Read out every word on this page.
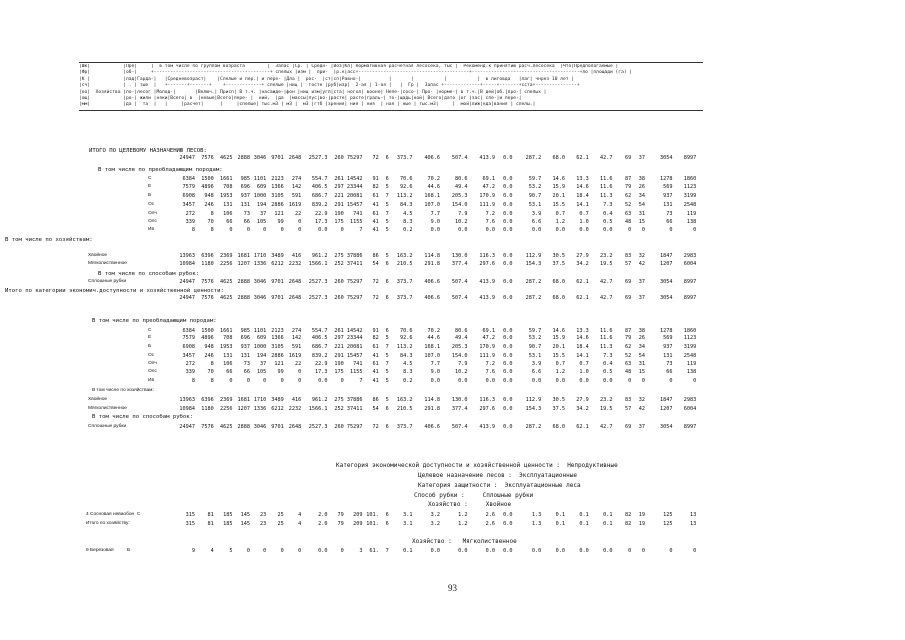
|Шк|            |Пре|     |  в том числе по группам возраста        |  Запас |Ср. | Средн- |Вoз|Кл| Нормативная расчетная лесосека, тыс |  Рекоменд.к принятию расч.лесосека  |Что|Предполагаемые |
|Фр|            |об-|     +------------------------------------------+ спелых |изм |  при-  |р.к|асс+----------------------------------------+---------------------------------------+ло |площади (га) |
|К |            |лад|Гарда-|   |Средневозраст|    |Спелые и пер.| и пере- |Дла |  рос-  |ст|сп|Равно-|          |       |           |           |  в лиговда   |лаг| чнрез 10 лет |
|сч|            | . | тые  |   +-------+-------+    +-------------+ спелые |ниц |  госте |руб|изр|  2-ая | 1-ая |   |  Гр |  Запас +-------------+-----+-------+сста+---------------+
|оо|  Хозяйства |по-|лесог |Молод-|       |Включ.| Присп| В т.ч. |насажде-|фон |ниц изм|угл|ста| ногол| вооне| Непе-|сосо-| Про- |норме-| в т.ч.|В дей|об.|про-| спелых |
|ощ|            |ро-| жили |няки|Всего| в  |невые|Всего|пере- |  ний,  |да  |массы|пус|во-|расте| расте|граль-| то-|щадь|ной| Всего|дато |от |зас| спе-|и пере-|
|мм|            |да |  та  |   |     |расчет|      |     |спелые| тыс.м3 | м3 |  м3 |гтб |зрения| ния | ния  | ная | ные | тыс.м3|     |  мой|лиж|нда|вания | спелы.|
ИТОГО ПО ЦЕЛЕВОМУ НАЗНАЧЕНИЮ ЛЕСОВ:
24947	7576	4625 2888 3046 9701 2648	2527.3	260 75297	72	6	373.7	406.6	507.4	413.9	0.0	287.2	68.0	62.1	42.7	69	37	3054	8997
В том числе по преобладающим породам:
С	6384	1500	1661	985 1101 2123	274	554.7	261 14542	91	6	70.6	70.2	80.6	69.1	0.0	59.7	14.6	13.3	11.6	87	38	1278	1860
Е	7579	4896	708	696	609 1366	142	406.5	297 23344	82	5	92.6	44.6	49.4	47.2	0.0	53.2	15.9	14.6	11.6	79	26	569	1123
Б	6908	948	1953	937 1000 3105	591	686.7	221 20081	61	7	113.2	168.1	205.3	170.9	0.0	90.7	20.1	18.4	11.3	62	34	937	3199
Ос	3457	246	131	131	194 2886 1619	839.2	291 15457	41	5	84.3	107.0	154.0	111.9	0.0	53.1	15.5	14.1	7.3	52	54	131	2548
Олч	272	8	106	73	37	121	22	22.9	190	741	61	7	4.5	7.7	7.9	7.2	0.0	3.9	0.7	0.7	0.4	63	31	73	119
Олс	339	70	66	66	105	99	0	17.3	175	1155	41	5	8.3	9.0	10.2	7.6	0.0	6.6	1.2	1.0	0.5	48	15	66	138
Ив	8	8	0	0	0	0	0	0.0	0	7	41	5	0.2	0.0	0.0	0.0	0.0	0.0	0.0	0.0	0.0	0	0	0	0
В том числе по хозяйствам:
Хвойное	13963	6396	2369 1681 1710 3489	416	961.2	275 37886	86	5	163.2	114.8	130.0	116.3	0.0	112.9	30.5	27.9	23.2	83	32	1847	2983
Мягколиственное	10984	1180	2256 1207 1336 6212 2232	1566.1	252 37411	54	6	210.5	291.8	377.4	297.6	0.0	154.3	37.5	34.2	19.5	57	42	1207	6004
В том числе по способам рубок:
Сплошные рубки	24947	7576	4625 2888 3046 9701 2648	2527.3	260 75297	72	6	373.7	406.6	507.4	413.9	0.0	287.2	68.0	62.1	42.7	69	37	3054	8997
Итого по категории экономич.доступности и хозяйственной ценности:
24947	7576	4625 2888 3046 9701 2648	2527.3	260 75297	72	6	373.7	406.6	507.4	413.9	0.0	287.2	68.0	62.1	42.7	69	37	3054	8997
В том числе по преобладающим породам:
С	6384	1500	1661	985 1101 2123	274	554.7	261 14542	91	6	70.6	70.2	80.6	69.1	0.0	59.7	14.6	13.3	11.6	87	38	1278	1860
Е	7579	4896	708	696	609 1366	142	406.5	297 23344	82	5	92.6	44.6	49.4	47.2	0.0	53.2	15.9	14.6	11.6	79	26	569	1123
Б	6908	948	1953	937 1000 3105	591	686.7	221 20081	61	7	113.2	168.1	205.3	170.9	0.0	90.7	20.1	18.4	11.3	62	34	937	3199
Ос	3457	246	131	131	194 2886 1619	839.2	291 15457	41	5	84.3	107.0	154.0	111.9	0.0	53.1	15.5	14.1	7.3	52	54	131	2548
Олч	272	8	106	73	37	121	22	22.9	190	741	61	7	4.5	7.7	7.9	7.2	0.0	3.9	0.7	0.7	0.4	63	31	73	119
Олс	339	70	66	66	105	99	0	17.3	175	1155	41	5	8.3	9.0	10.2	7.6	0.0	6.6	1.2	1.0	0.5	48	15	66	138
Ив	8	8	0	0	0	0	0	0.0	0	7	41	5	0.2	0.0	0.0	0.0	0.0	0.0	0.0	0.0	0.0	0	0	0	0
В том числе по хозяйствам:
Хвойное	13963	6396	2369 1681 1710 3489	416	961.2	275 37886	86	5	163.2	114.8	130.0	116.3	0.0	112.9	30.5	27.9	23.2	83	32	1847	2983
Мягколиственное	10984	1180	2256 1207 1336 6212 2232	1566.1	252 37411	54	6	210.5	291.8	377.4	297.6	0.0	154.3	37.5	34.2	19.5	57	42	1207	6004
В том числе по способам рубок:
Сплошные рубки	24947	7576	4625 2888 3046 9701 2648	2527.3	260 75297	72	6	373.7	406.6	507.4	413.9	0.0	287.2	68.0	62.1	42.7	69	37	3054	8997
Категория экономической доступности и хозяйственной ценности :  Непродуктивные
Целевое назначение лесов :  Эксплуатационные
Категория защитности :  Эксплуатационные леса
Способ рубки :     Сплошные рубки
Хозяйство :     Хвойное
Хозяйство :   Мягколиственное
4 Сосновая неваобон  С	315	81	185	145	23	25	4	2.0	79	209 101.	6	3.1	3.2	1.2	2.6	0.0	1.3	0.1	0.1	0.1	82	19	125	13
Итого по хозяйству:	315	81	185	145	23	25	4	2.0	79	209 101.	6	3.1	3.2	1.2	2.6	0.0	1.3	0.1	0.1	0.1	82	19	125	13
9 Березовая          Б	9	4	5	0	0	0	0	0.0	0	3	61.	7	0.1	0.0	0.0	0.0	0.0	0.0	0.0	0.0	0.0	0	0	0	0
93
